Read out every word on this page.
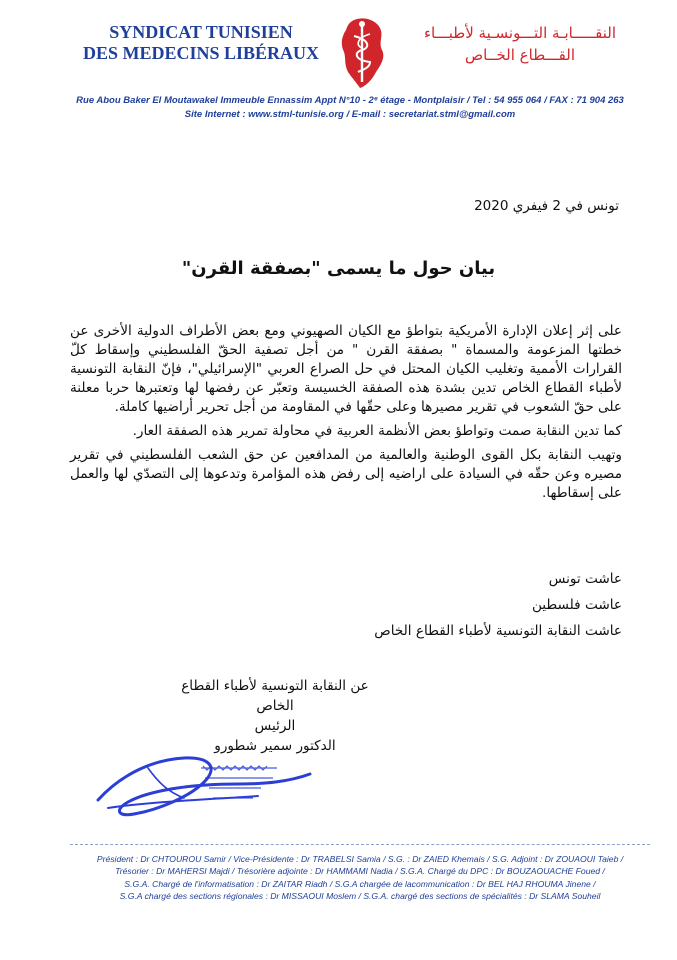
SYNDICAT TUNISIEN
DES MEDECINS LIBÉRAUX
النقـــــابـة التـــونسـية لأطبـــاء
القـــطاع الخــاص
Rue Abou Baker El Moutawakel Immeuble Ennassim Appt N°10 - 2ᵉ étage - Montplaisir / Tel : 54 955 064 / FAX : 71 904 263
Site Internet : www.stml-tunisie.org / E-mail : secretariat.stml@gmail.com
تونس في 2 فيفري 2020
بيان حول ما يسمى "بصفقة القرن"

على إثر إعلان الإدارة الأمريكية بتواطؤ مع الكيان الصهيوني ومع بعض الأطراف الدولية الأخرى عن خطتها المزعومة والمسماة " بصفقة القرن " من أجل تصفية الحقّ الفلسطيني وإسقاط كلّ القرارات الأممية وتغليب الكيان المحتل في حل الصراع العربي "الإسرائيلي"، فإنّ النقابة التونسية لأطباء القطاع الخاص تدين بشدة هذه الصفقة الخسيسة وتعبّر عن رفضها لها وتعتبرها حربا معلنة على حقّ الشعوب في تقرير مصيرها وعلى حقّها في المقاومة من أجل تحرير أراضيها كاملة.

كما تدين النقابة صمت وتواطؤ بعض الأنظمة العربية في محاولة تمرير هذه الصفقة العار.

وتهيب النقابة بكل القوى الوطنية والعالمية من المدافعين عن حق الشعب الفلسطيني في تقرير مصيره وعن حقّه في السيادة على اراضيه إلى رفض هذه المؤامرة وتدعوها إلى التصدّي لها والعمل على إسقاطها.

عاشت تونس
عاشت فلسطين
عاشت النقابة التونسية لأطباء القطاع الخاص
عن النقابة التونسية لأطباء القطاع الخاص
الرئيس
الدكتور سمير شطورو
Président : Dr CHTOUROU Samir / Vice-Présidente : Dr TRABELSI Samia / S.G. : Dr ZAIED Khemais / S.G. Adjoint : Dr ZOUAOUI Taieb /
Trésorier : Dr MAHERSI Majdi / Trésorière adjointe : Dr HAMMAMI Nadia / S.G.A. Chargé du DPC : Dr BOUZAOUACHE Foued /
S.G.A. Chargé de l'informatisation : Dr ZAITAR Riadh / S.G.A chargée de lacommunication : Dr BEL HAJ RHOUMA Jinene /
S.G.A chargé des sections régionales : Dr MISSAOUI Moslem / S.G.A. chargé des sections de spécialités : Dr SLAMA Souheil
